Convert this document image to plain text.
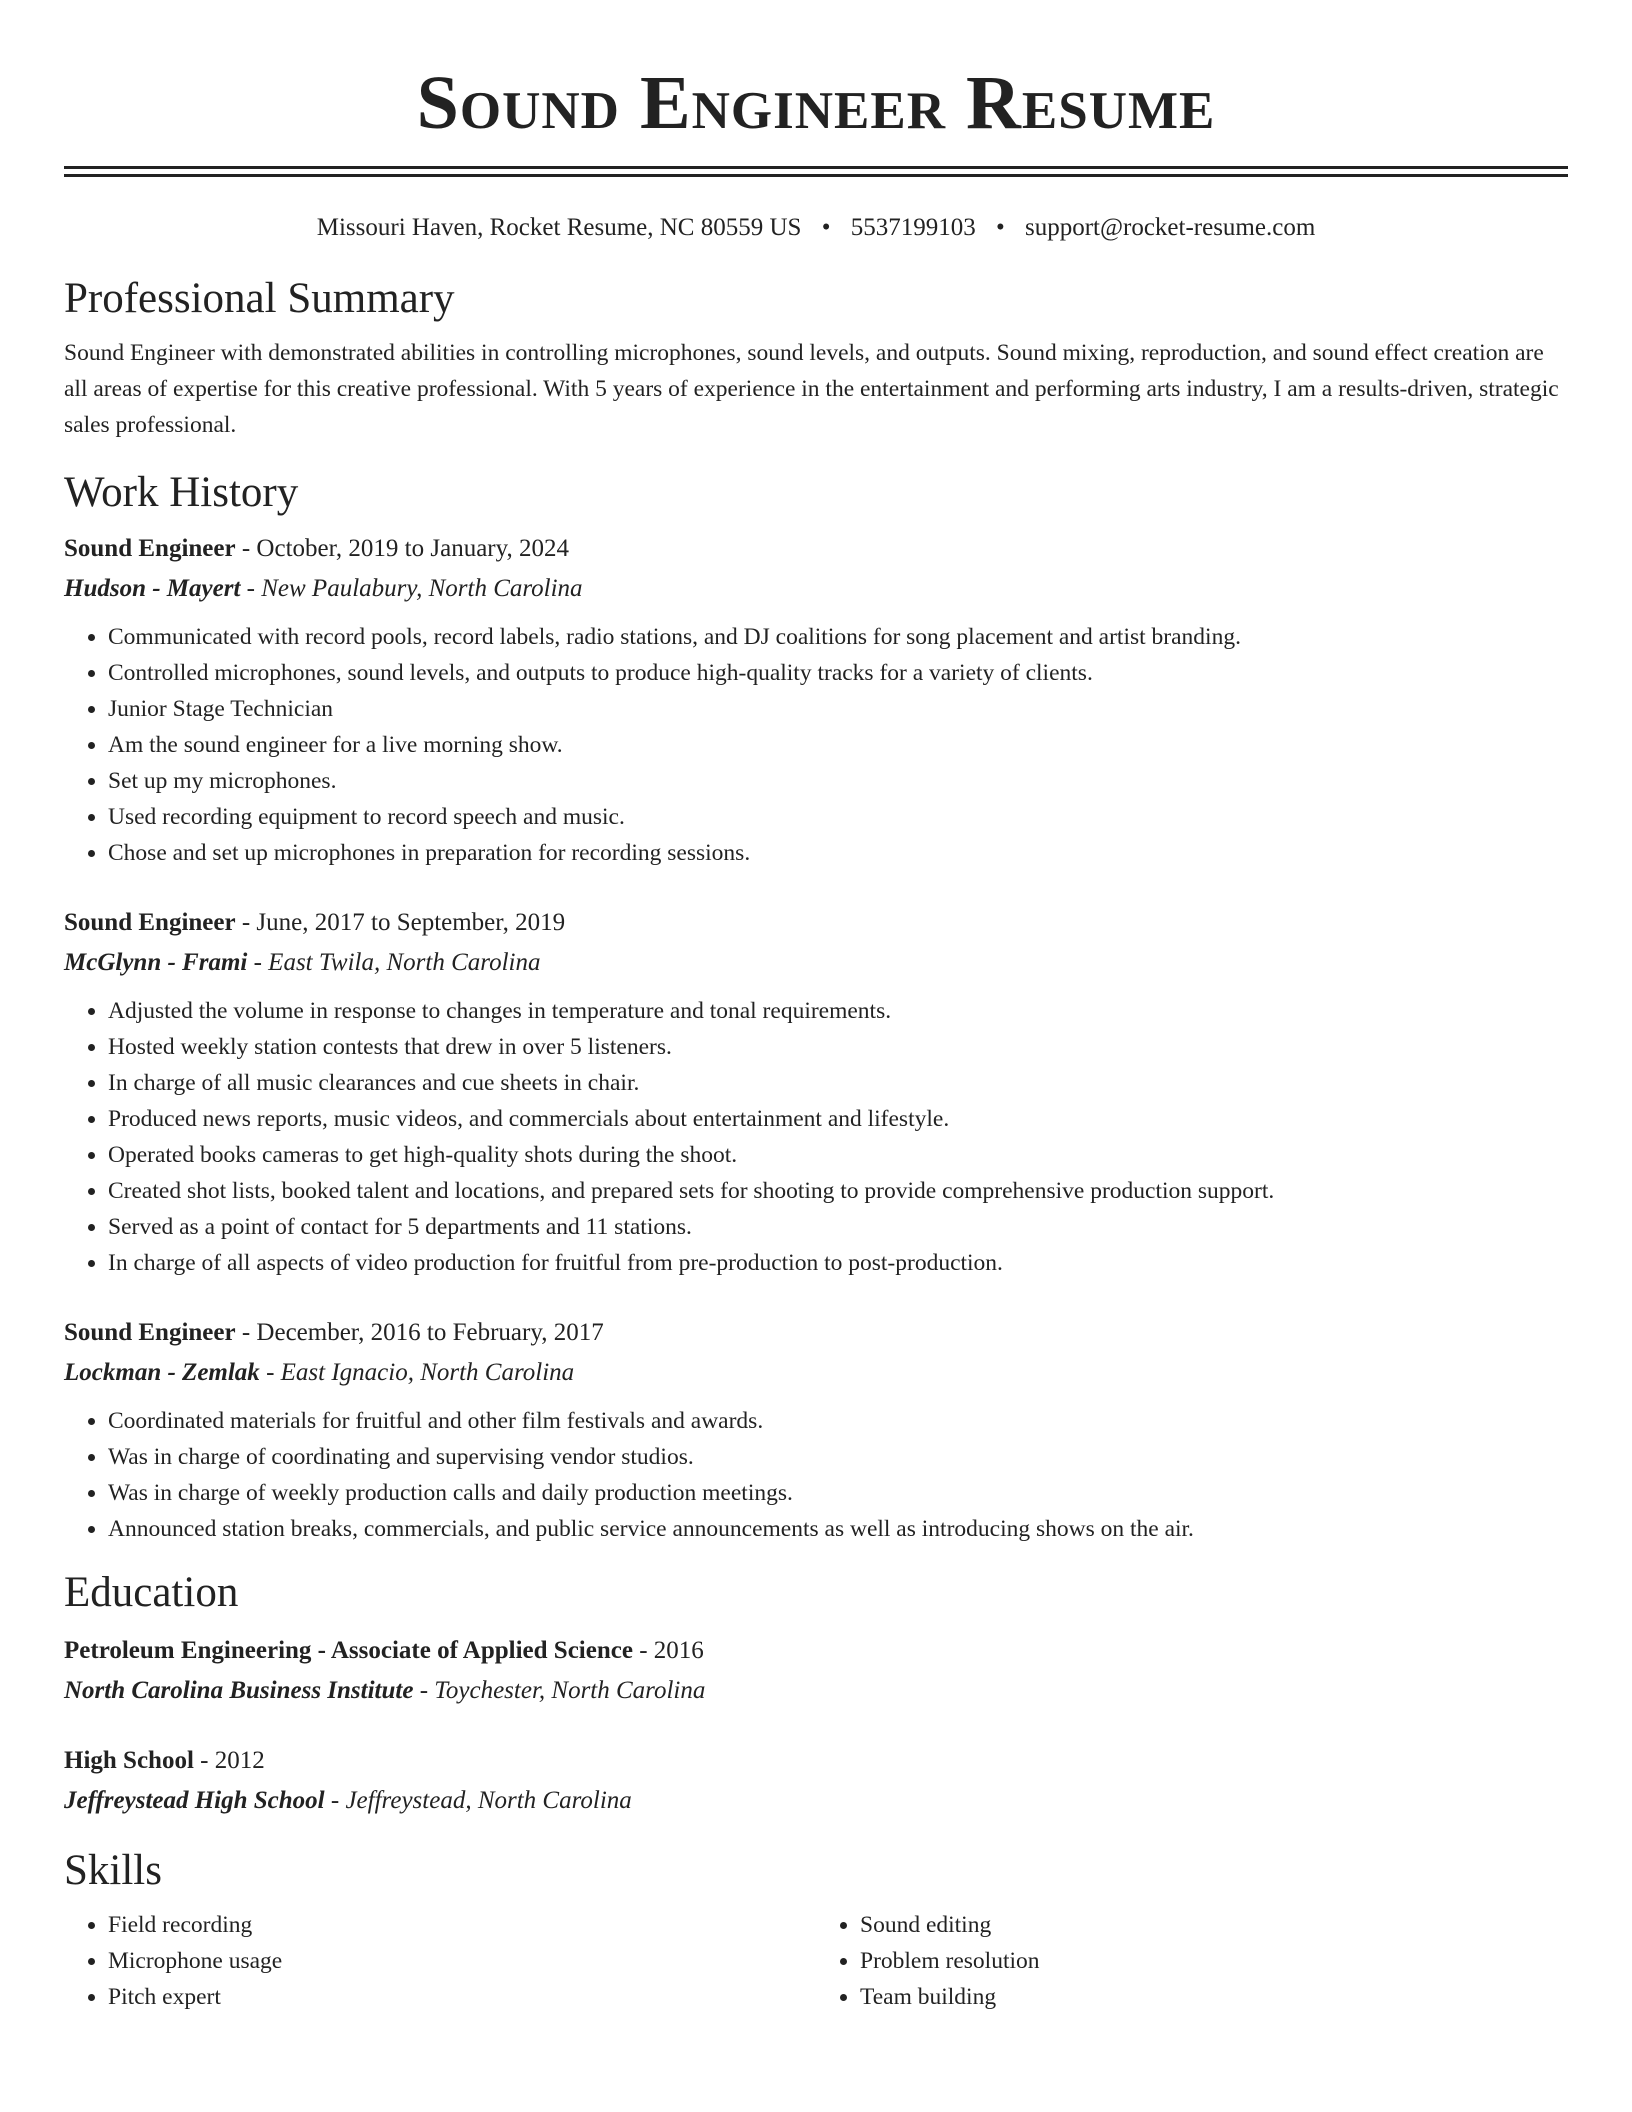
Sound Engineer Resume
Missouri Haven, Rocket Resume, NC 80559 US • 5537199103 • support@rocket-resume.com
Professional Summary

Sound Engineer with demonstrated abilities in controlling microphones, sound levels, and outputs. Sound mixing, reproduction, and sound effect creation are all areas of expertise for this creative professional. With 5 years of experience in the entertainment and performing arts industry, I am a results-driven, strategic sales professional.

Work History
Sound Engineer - October, 2019 to January, 2024
Hudson - Mayert - New Paulabury, North Carolina
• Communicated with record pools, record labels, radio stations, and DJ coalitions for song placement and artist branding.
• Controlled microphones, sound levels, and outputs to produce high-quality tracks for a variety of clients.
• Junior Stage Technician
• Am the sound engineer for a live morning show.
• Set up my microphones.
• Used recording equipment to record speech and music.
• Chose and set up microphones in preparation for recording sessions.
Sound Engineer - June, 2017 to September, 2019
McGlynn - Frami - East Twila, North Carolina
• Adjusted the volume in response to changes in temperature and tonal requirements.
• Hosted weekly station contests that drew in over 5 listeners.
• In charge of all music clearances and cue sheets in chair.
• Produced news reports, music videos, and commercials about entertainment and lifestyle.
• Operated books cameras to get high-quality shots during the shoot.
• Created shot lists, booked talent and locations, and prepared sets for shooting to provide comprehensive production support.
• Served as a point of contact for 5 departments and 11 stations.
• In charge of all aspects of video production for fruitful from pre-production to post-production.
Sound Engineer - December, 2016 to February, 2017
Lockman - Zemlak - East Ignacio, North Carolina
• Coordinated materials for fruitful and other film festivals and awards.
• Was in charge of coordinating and supervising vendor studios.
• Was in charge of weekly production calls and daily production meetings.
• Announced station breaks, commercials, and public service announcements as well as introducing shows on the air.
Education
Petroleum Engineering - Associate of Applied Science - 2016
North Carolina Business Institute - Toychester, North Carolina
High School - 2012
Jeffreystead High School - Jeffreystead, North Carolina
Skills
• Field recording
• Microphone usage
• Pitch expert
• Sound editing
• Problem resolution
• Team building
